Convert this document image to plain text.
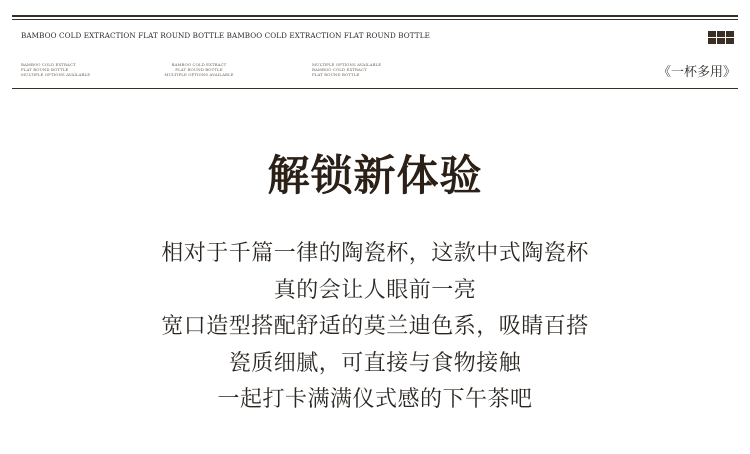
BAMBOO COLD EXTRACTION FLAT ROUND BOTTLE BAMBOO COLD EXTRACTION FLAT ROUND BOTTLE
BAMBOO COLD EXTRACT
FLAT ROUND BOTTLE
MULTIPLE OPTIONS AVAILABLE
BAMBOO COLD EXTRACT
FLAT ROUND BOTTLE
MULTIPLE OPTIONS AVAILABLE
MULTIPLE OPTIONS AVAILABLE
BAMBOO COLD EXTRACT
FLAT ROUND BOTTLE	《一杯多用》
解锁新体验
相对于千篇一律的陶瓷杯，这款中式陶瓷杯
真的会让人眼前一亮
宽口造型搭配舒适的莫兰迪色系，吸睛百搭
瓷质细腻，可直接与食物接触
一起打卡满满仪式感的下午茶吧
